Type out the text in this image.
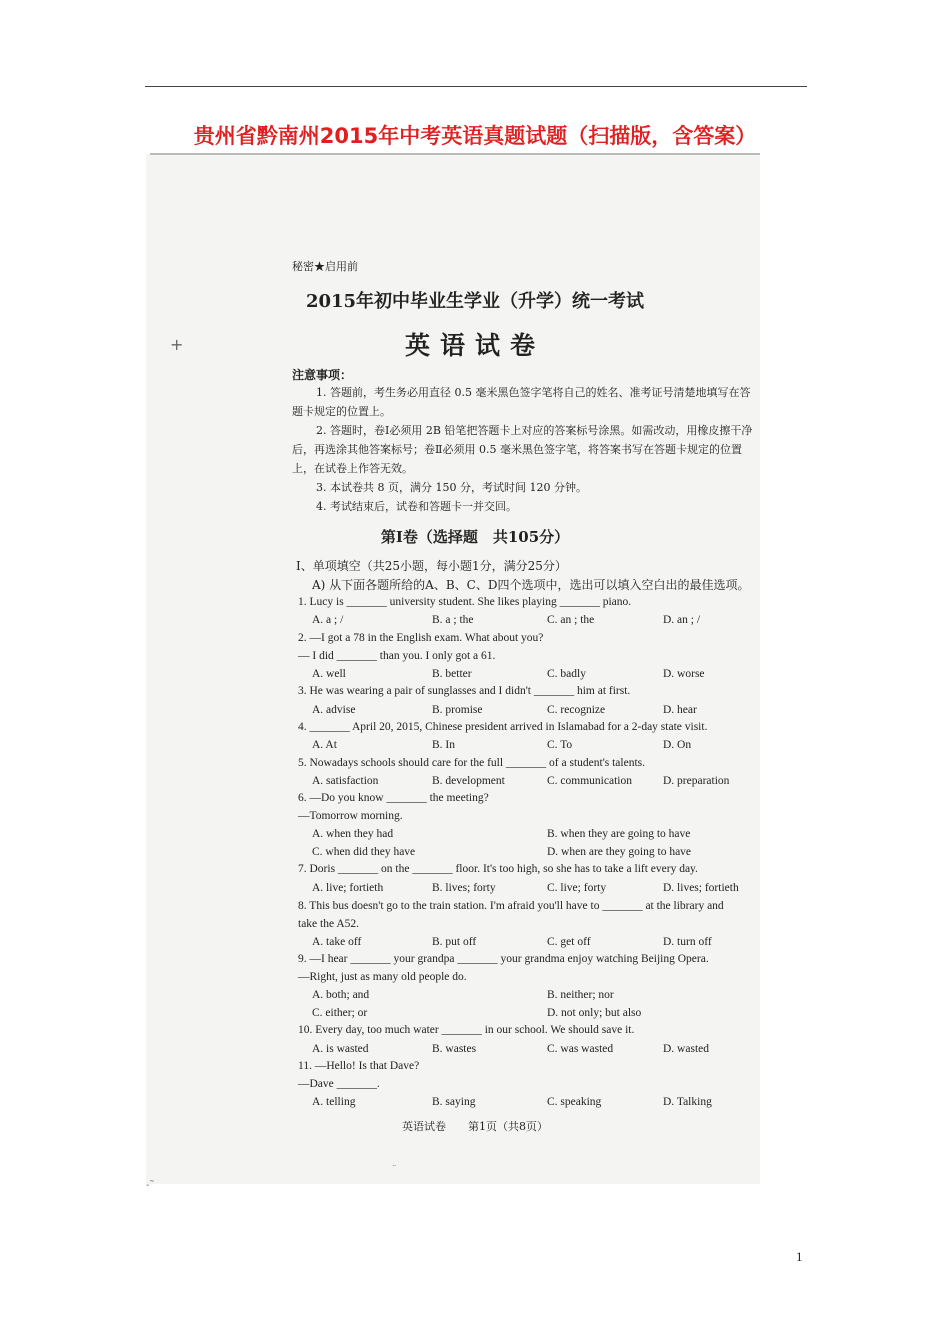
贵州省黔南州2015年中考英语真题试题（扫描版，含答案）
+
秘密★启用前
2015年初中毕业生学业（升学）统一考试
英语试卷
注意事项：
1. 答题前，考生务必用直径 0.5 毫米黑色签字笔将自己的姓名、准考证号清楚地填写在答题卡规定的位置上。
2. 答题时，卷Ⅰ必须用 2B 铅笔把答题卡上对应的答案标号涂黑。如需改动，用橡皮擦干净后，再选涂其他答案标号；卷Ⅱ必须用 0.5 毫米黑色签字笔，将答案书写在答题卡规定的位置上，在试卷上作答无效。
3. 本试卷共 8 页，满分 150 分，考试时间 120 分钟。
4. 考试结束后，试卷和答题卡一并交回。
第Ⅰ卷（选择题　共105分）
Ⅰ、单项填空（共25小题，每小题1分，满分25分）
A) 从下面各题所给的A、B、C、D四个选项中，选出可以填入空白出的最佳选项。
1. Lucy is _______ university student. She likes playing _______ piano.
2. —I got a 78 in the English exam. What about you?
— I did _______ than you. I only got a 61.
3. He was wearing a pair of sunglasses and I didn't _______ him at first.
4. _______ April 20, 2015, Chinese president arrived in Islamabad for a 2-day state visit.
5. Nowadays schools should care for the full _______ of a student's talents.
6. —Do you know _______ the meeting?
—Tomorrow morning.
7. Doris _______ on the _______ floor. It's too high, so she has to take a lift every day.
8. This bus doesn't go to the train station. I'm afraid you'll have to _______ at the library and
take the A52.
9. —I hear _______ your grandpa _______ your grandma enjoy watching Beijing Opera.
—Right, just as many old people do.
10. Every day, too much water _______ in our school. We should save it.
11. —Hello! Is that Dave?
—Dave _______.
A. a ; /	B. a ; the	C. an ; the	D. an ; /
A. well	B. better	C. badly	D. worse
A. advise	B. promise	C. recognize	D. hear
A. At	B. In	C. To	D. On
A. satisfaction	B. development	C. communication	D. preparation
A. when they had	B. when they are going to have
C. when did they have	D. when are they going to have
A. live; fortieth	B. lives; forty	C. live; forty	D. lives; fortieth
A. take off	B. put off	C. get off	D. turn off
A. both; and	B. neither; nor
C. either; or	D. not only; but also
A. is wasted	B. wastes	C. was wasted	D. wasted
A. telling	B. saying	C. speaking	D. Talking
英语试卷　　第1页（共8页）
¨
-˜
1
